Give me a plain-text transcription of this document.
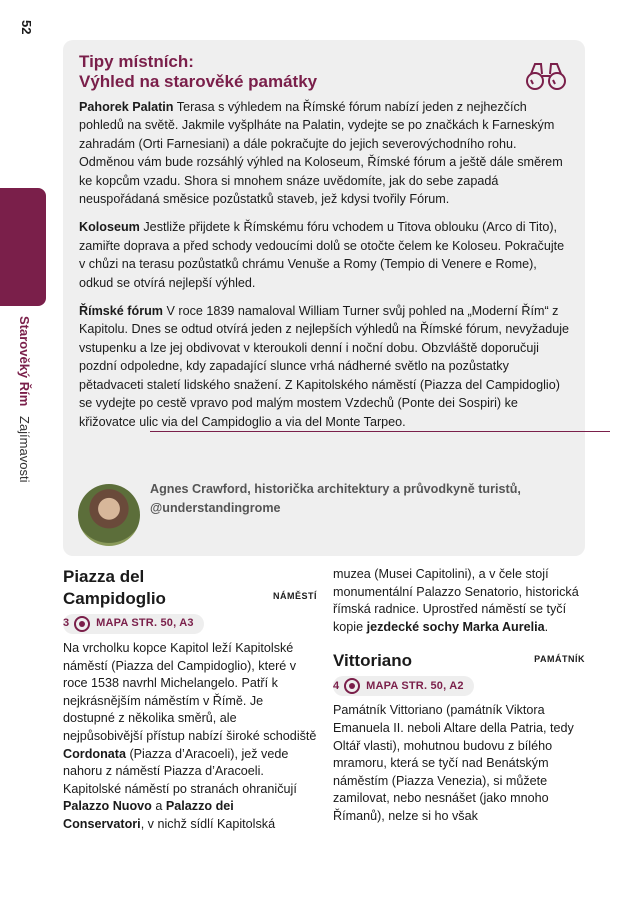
52
Starověký Řím Zajímavosti
Tipy místních:
Výhled na starověké památky

Pahorek Palatin Terasa s výhledem na Římské fórum nabízí jeden z nejhezčích pohledů na světě. Jakmile vyšplháte na Palatin, vydejte se po značkách k Farneským zahradám (Orti Farnesiani) a dále pokračujte do jejich severovýchodního rohu. Odměnou vám bude rozsáhlý výhled na Koloseum, Římské fórum a ještě dále směrem ke kopcům vzadu. Shora si mnohem snáze uvědomíte, jak do sebe zapadá neuspořádaná směsice pozůstatků staveb, jež kdysi tvořily Fórum.

Koloseum Jestliže přijdete k Římskému fóru vchodem u Titova oblouku (Arco di Tito), zamiřte doprava a před schody vedoucími dolů se otočte čelem ke Koloseu. Pokračujte v chůzi na terasu pozůstatků chrámu Venuše a Romy (Tempio di Venere e Rome), odkud se otvírá nejlepší výhled.

Římské fórum V roce 1839 namaloval William Turner svůj pohled na „Moderní Řím“ z Kapitolu. Dnes se odtud otvírá jeden z nejlepších výhledů na Římské fórum, nevyžaduje vstupenku a lze jej obdivovat v kteroukoli denní i noční dobu. Obzvláště doporučuji pozdní odpoledne, kdy zapadající slunce vrhá nádherné světlo na pozůstatky pětadvaceti staletí lidského snažení. Z Kapitolského náměstí (Piazza del Campidoglio) se vydejte po cestě vpravo pod malým mostem Vzdechů (Ponte dei Sospiri) ke křižovatce ulic via del Campidoglio a via del Monte Tarpeo.

Agnes Crawford, historička architektury a průvodkyně turistů,
@understandingrome
Piazza del
Campidoglio	NÁMĚSTÍ
3 MAPA STR. 50, A3

Na vrcholku kopce Kapitol leží Kapitolské náměstí (Piazza del Campidoglio), které v roce 1538 navrhl Michelangelo. Patří k nejkrásnějším náměstím v Římě. Je dostupné z několika směrů, ale nejpůsobivější přístup nabízí široké schodiště Cordonata (Piazza d’Aracoeli), jež vede nahoru z náměstí Piazza d’Aracoeli. Kapitolské náměstí po stranách ohraničují Palazzo Nuovo a Palazzo dei Conservatori, v nichž sídlí Kapitolská

muzea (Musei Capitolini), a v čele stojí monumentální Palazzo Senatorio, historická římská radnice. Uprostřed náměstí se tyčí kopie jezdecké sochy Marka Aurelia.

Vittoriano	PAMÁTNÍK
4 MAPA STR. 50, A2

Památník Vittoriano (památník Viktora Emanuela II. neboli Altare della Patria, tedy Oltář vlasti), mohutnou budovu z bílého mramoru, která se tyčí nad Benátským náměstím (Piazza Venezia), si můžete zamilovat, nebo nesnášet (jako mnoho Římanů), nelze si ho však
